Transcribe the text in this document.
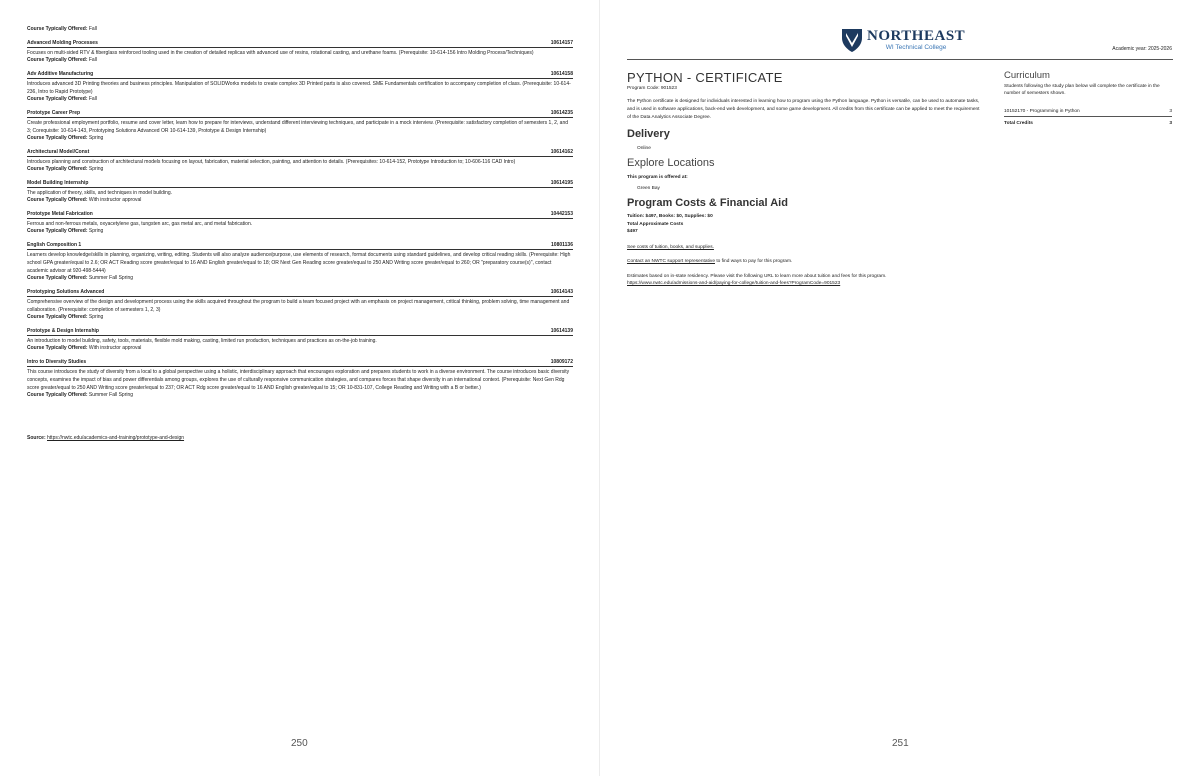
Course Typically Offered: Fall
Advanced Molding Processes	10614157
Focuses on multi-sided RTV & fiberglass reinforced tooling used in the creation of detailed replicas with advanced use of resins, rotational casting, and urethane foams. (Prerequisite: 10-614-156 Intro Molding Process/Techniques)
Course Typically Offered: Fall
Adv Additive Manufacturing	10614158
Introduces advanced 3D Printing theories and business principles. Manipulation of SOLIDWorks models to create complex 3D Printed parts is also covered. SME Fundamentals certification to accompany completion of class. (Prerequisite: 10-614-236, Intro to Rapid Prototype)
Course Typically Offered: Fall
Prototype Career Prep	10614235
Create professional employment portfolio, resume and cover letter, learn how to prepare for interviews, understand different interviewing techniques, and participate in a mock interview. (Prerequisite: satisfactory completion of semesters 1, 2, and 3; Corequisite: 10-614-143, Prototyping Solutions Advanced OR 10-614-139, Prototype & Design Internship)
Course Typically Offered: Spring
Architectural Model/Const	10614162
Introduces planning and construction of architectural models focusing on layout, fabrication, material selection, painting, and attention to details. (Prerequisites: 10-614-152, Prototype Introduction to; 10-606-116 CAD Intro)
Course Typically Offered: Spring
Model Building Internship	10614195
The application of theory, skills, and techniques in model building.
Course Typically Offered: With instructor approval
Prototype Metal Fabrication	10442153
Ferrous and non-ferrous metals, oxyacetylene gas, tungsten arc, gas metal arc, and metal fabrication.
Course Typically Offered: Spring
English Composition 1	10801136
Learners develop knowledge/skills in planning, organizing, writing, editing. Students will also analyze audience/purpose, use elements of research, format documents using standard guidelines, and develop critical reading skills. (Prerequisite: High school GPA greater/equal to 2.6; OR ACT Reading score greater/equal to 16 AND English greater/equal to 18; OR Next Gen Reading score greater/equal to 250 AND Writing score greater/equal to 260; OR "preparatory course(s)", contact academic advisor at 920-498-5444)
Course Typically Offered: Summer Fall Spring
Prototyping Solutions Advanced	10614143
Comprehensive overview of the design and development process using the skills acquired throughout the program to build a team focused project with an emphasis on project management, critical thinking, problem solving, time management and collaboration. (Prerequisite: completion of semesters 1, 2, 3)
Course Typically Offered: Spring
Prototype & Design Internship	10614139
An introduction to model building, safety, tools, materials, flexible mold making, casting, limited run production, techniques and practices as on-the-job training.
Course Typically Offered: With instructor approval
Intro to Diversity Studies	10809172
This course introduces the study of diversity from a local to a global perspective using a holistic, interdisciplinary approach that encourages exploration and prepares students to work in a diverse environment. The course introduces basic diversity concepts, examines the impact of bias and power differentials among groups, explores the use of culturally responsive communication strategies, and compares forces that shape diversity in an international context. (Prerequisite: Next Gen Rdg score greater/equal to 250 AND Writing score greater/equal to 237; OR ACT Rdg score greater/equal to 16 AND English greater/equal to 15; OR 10-831-107, College Reading and Writing with a B or better.)
Course Typically Offered: Summer Fall Spring
Source: https://nwtc.edu/academics-and-training/prototype-and-design
250
NORTHEAST
WI Technical College	Academic year: 2025-2026
PYTHON - CERTIFICATE
Program Code: 901523
The Python certificate is designed for individuals interested in learning how to program using the Python language. Python is versatile, can be used to automate tasks, and is used in software applications, back-end web development, and some game development. All credits from this certificate can be applied to meet the requirement of the Data Analytics Associate Degree.
Delivery
Online
Explore Locations
This program is offered at:
Green Bay
Program Costs & Financial Aid
Tuition: $497, Books: $0, Supplies: $0
Total Approximate Costs
$497
See costs of tuition, books, and supplies.
Contact an NWTC support representative to find ways to pay for this program.
Estimates based on in-state residency. Please visit the following URL to learn more about tuition and fees for this program.
https://www.nwtc.edu/admissions-and-aid/paying-for-college/tuition-and-fees?ProgramCode=901523
Curriculum
Students following the study plan below will complete the certificate in the number of semesters shown.
10152170 - Programming in Python	3
Total Credits	3
251
